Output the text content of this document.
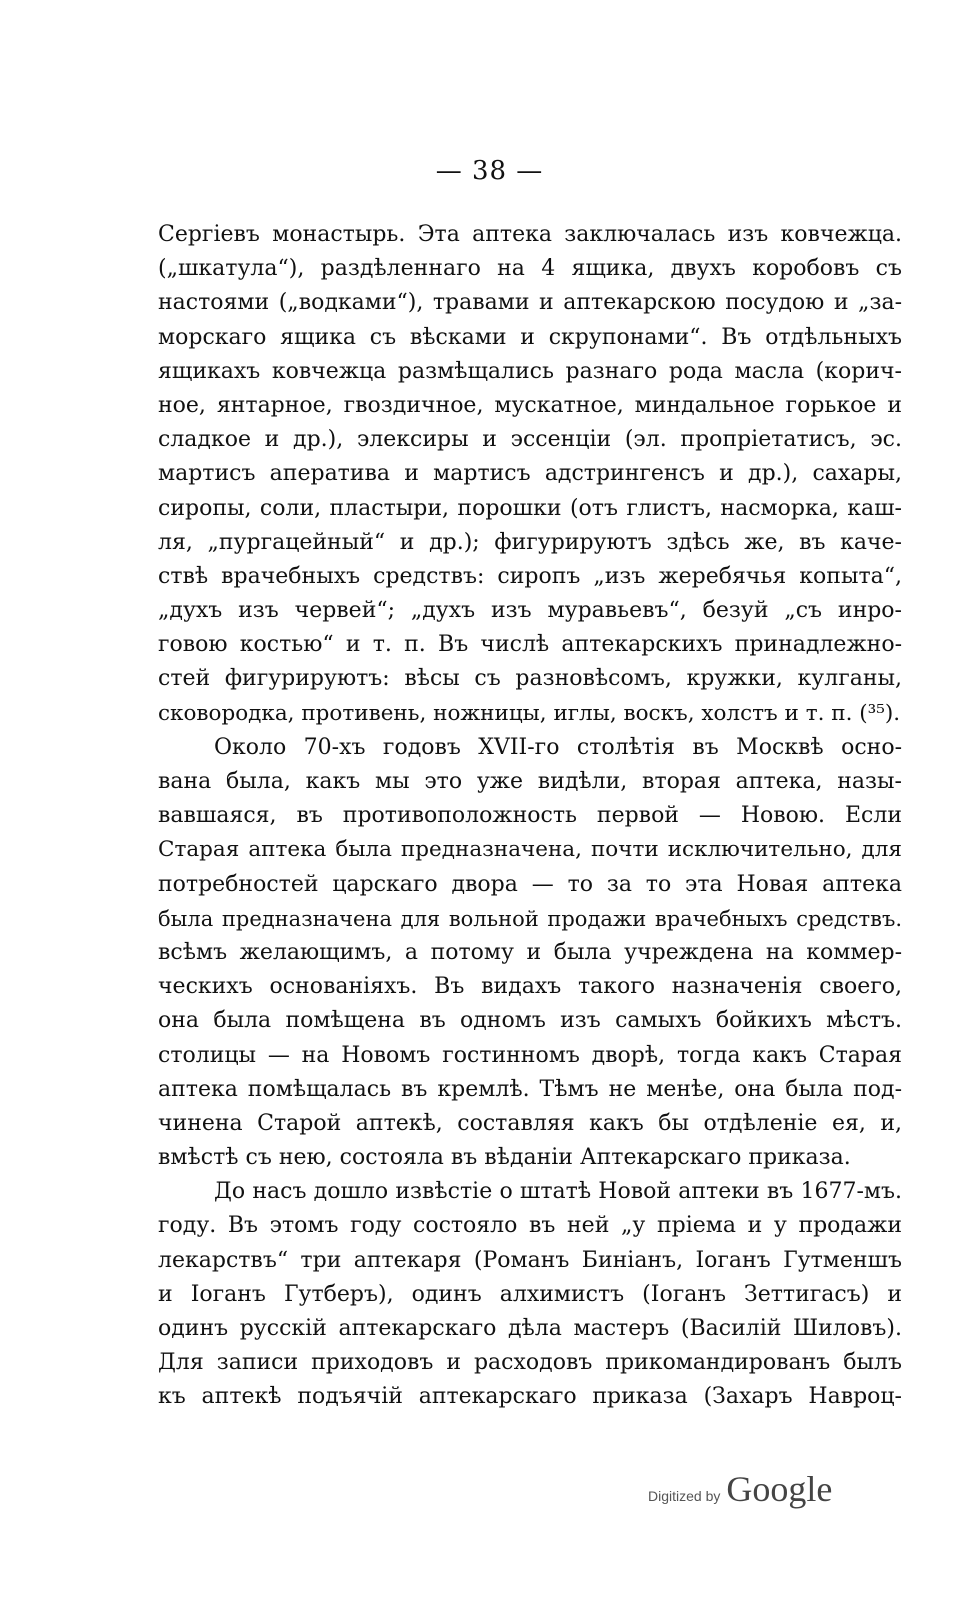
— 38 —
Сергіевъ монастырь. Эта аптека заключалась изъ ковчежца.
(„шкатула“), раздѣленнаго на 4 ящика, двухъ коробовъ съ
настоями („водками“), травами и аптекарскою посудою и „за-
морскаго ящика съ вѣсками и скрупонами“. Въ отдѣльныхъ
ящикахъ ковчежца размѣщались разнаго рода масла (корич-
ное, янтарное, гвоздичное, мускатное, миндальное горькое и
сладкое и др.), элексиры и эссенціи (эл. пропріетатисъ, эс.
мартисъ аперативa и мартисъ адстрингенсъ и др.), сахары,
сиропы, соли, пластыри, порошки (отъ глистъ, насморка, каш-
ля, „пургацейный“ и др.); фигурируютъ здѣсь же, въ каче-
ствѣ врачебныхъ средствъ: сиропъ „изъ жеребячья копыта“,
„духъ изъ червей“; „духъ изъ муравьевъ“, безуй „съ инро-
говою костью“ и т. п. Въ числѣ аптекарскихъ принадлежно-
стей фигурируютъ: вѣсы съ разновѣсомъ, кружки, кулганы,
сковородка, противень, ножницы, иглы, воскъ, холстъ и т. п. (³⁵).
Около 70-хъ годовъ XVII-го столѣтія въ Москвѣ осно-
вана была, какъ мы это уже видѣли, вторая аптека, назы-
вавшаяся, въ противоположность первой — Новою. Если
Старая аптека была предназначена, почти исключительно, для
потребностей царскаго двора — то за то эта Новая аптека
была предназначена для вольной продажи врачебныхъ средствъ.
всѣмъ желающимъ, а потому и была учреждена на коммер-
ческихъ основаніяхъ. Въ видахъ такого назначенія своего,
она была помѣщена въ одномъ изъ самыхъ бойкихъ мѣстъ.
столицы — на Новомъ гостинномъ дворѣ, тогда какъ Старая
аптека помѣщалась въ кремлѣ. Тѣмъ не менѣе, она была под-
чинена Старой аптекѣ, составляя какъ бы отдѣленіе ея, и,
вмѣстѣ съ нею, состояла въ вѣданіи Аптекарскаго приказа.
До насъ дошло извѣстіе о штатѣ Новой аптеки въ 1677-мъ.
году. Въ этомъ году состояло въ ней „у пріема и у продажи
лекарствъ“ три аптекаря (Романъ Биніанъ, Іоганъ Гутменшъ
и Іоганъ Гутберъ), одинъ алхимистъ (Іоганъ Зеттигасъ) и
одинъ русскій аптекарскаго дѣла мастеръ (Василій Шиловъ).
Для записи приходовъ и расходовъ прикомандированъ былъ
къ аптекѣ подъячій аптекарскаго приказа (Захаръ Навроц-
Digitized by Google
